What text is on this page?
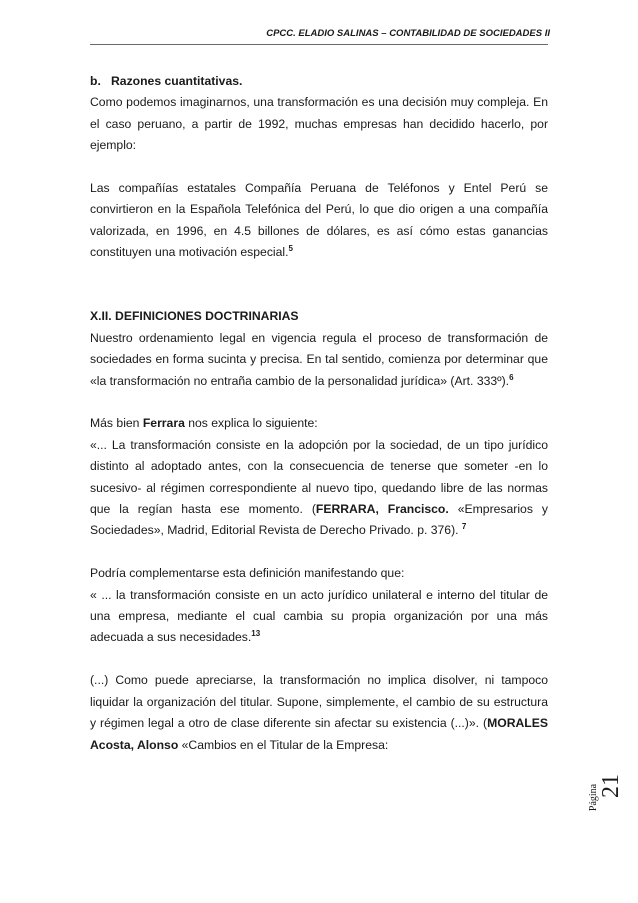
CPCC. ELADIO SALINAS – CONTABILIDAD DE SOCIEDADES II

b.   Razones cuantitativas.

Como podemos imaginarnos, una transformación es una decisión muy compleja. En el caso peruano, a partir de 1992, muchas empresas han decidido hacerlo, por ejemplo:

Las compañías estatales Compañía Peruana de Teléfonos y Entel Perú se convirtieron en la Española Telefónica del Perú, lo que dio origen a una compañía valorizada, en 1996, en 4.5 billones de dólares, es así cómo estas ganancias constituyen una motivación especial.$^5$

X.II. DEFINICIONES DOCTRINARIAS

Nuestro ordenamiento legal en vigencia regula el proceso de transformación de sociedades en forma sucinta y precisa. En tal sentido, comienza por determinar que «la transformación no entraña cambio de la personalidad jurídica» (Art. 333º).$^6$

Más bien Ferrara nos explica lo siguiente:

«... La transformación consiste en la adopción por la sociedad, de un tipo jurídico distinto al adoptado antes, con la consecuencia de tenerse que someter -en lo sucesivo- al régimen correspondiente al nuevo tipo, quedando libre de las normas que la regían hasta ese momento. (FERRARA, Francisco. «Empresarios y Sociedades», Madrid, Editorial Revista de Derecho Privado. p. 376). $^7$

Podría complementarse esta definición manifestando que:

« ... la transformación consiste en un acto jurídico unilateral e interno del titular de una empresa, mediante el cual cambia su propia organización por una más adecuada a sus necesidades.$^{13}$

(...) Como puede apreciarse, la transformación no implica disolver, ni tampoco liquidar la organización del titular. Supone, simplemente, el cambio de su estructura y régimen legal a otro de clase diferente sin afectar su existencia (...)». (MORALES Acosta, Alonso «Cambios en el Titular de la Empresa:

Página
21
